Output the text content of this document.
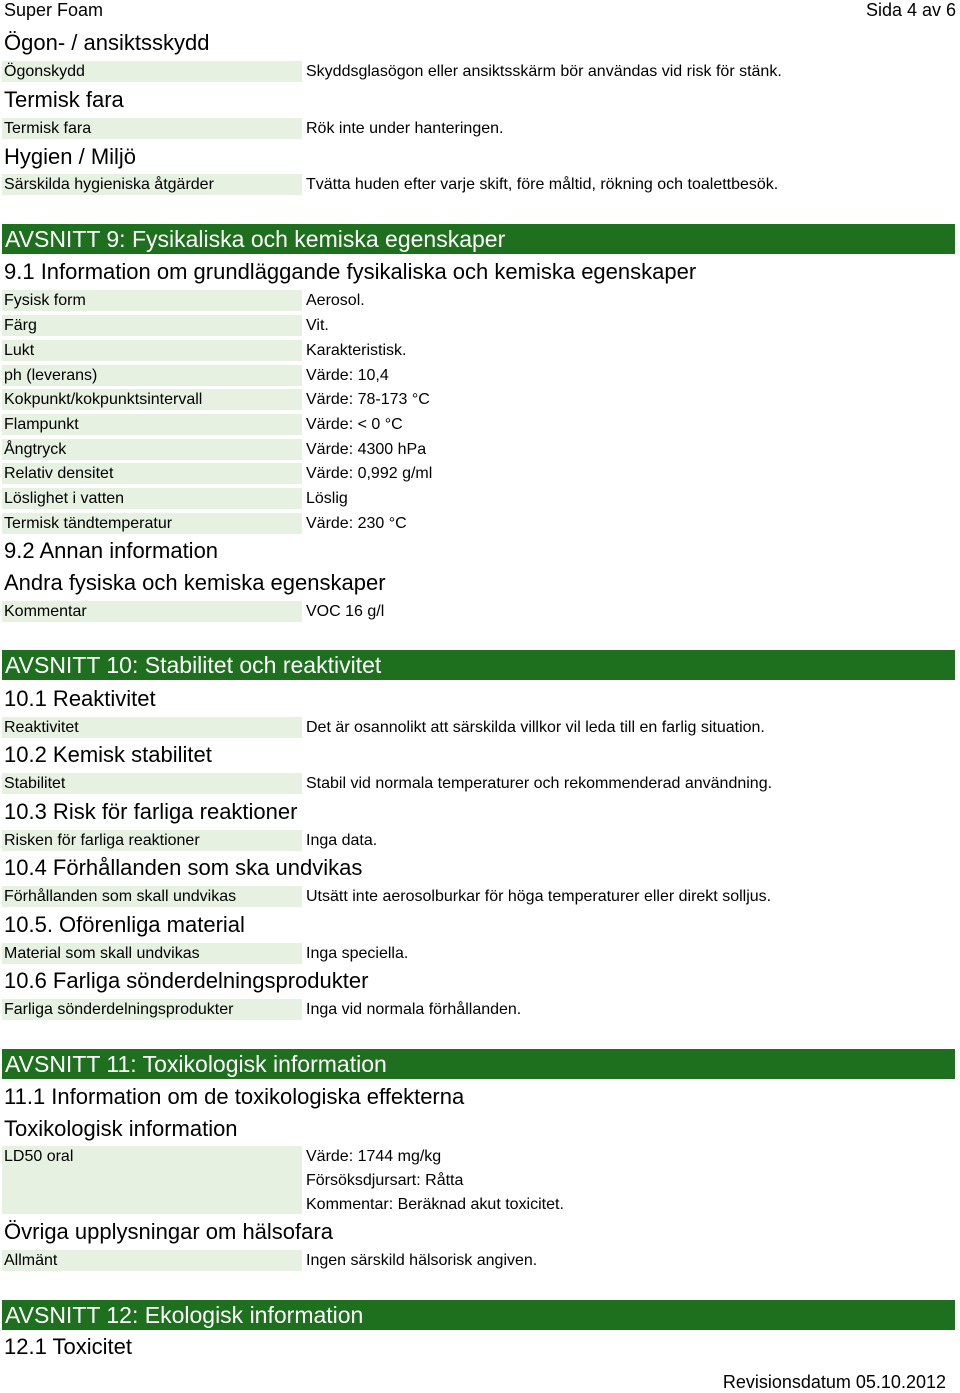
Super Foam	Sida 4 av 6
Ögon- / ansiktsskydd
Ögonskydd	Skyddsglasögon eller ansiktsskärm bör användas vid risk för stänk.
Termisk fara
Termisk fara	Rök inte under hanteringen.
Hygien / Miljö
Särskilda hygieniska åtgärder	Tvätta huden efter varje skift, före måltid, rökning och toalettbesök.
AVSNITT 9: Fysikaliska och kemiska egenskaper
9.1 Information om grundläggande fysikaliska och kemiska egenskaper
Fysisk form	Aerosol.
Färg	Vit.
Lukt	Karakteristisk.
ph (leverans)	Värde: 10,4
Kokpunkt/kokpunktsintervall	Värde: 78-173 °C
Flampunkt	Värde: < 0 °C
Ångtryck	Värde: 4300 hPa
Relativ densitet	Värde: 0,992 g/ml
Löslighet i vatten	Löslig
Termisk tändtemperatur	Värde: 230 °C
9.2 Annan information
Andra fysiska och kemiska egenskaper
Kommentar	VOC 16 g/l
AVSNITT 10: Stabilitet och reaktivitet
10.1 Reaktivitet
Reaktivitet	Det är osannolikt att särskilda villkor vil leda till en farlig situation.
10.2 Kemisk stabilitet
Stabilitet	Stabil vid normala temperaturer och rekommenderad användning.
10.3 Risk för farliga reaktioner
Risken för farliga reaktioner	Inga data.
10.4 Förhållanden som ska undvikas
Förhållanden som skall undvikas	Utsätt inte aerosolburkar för höga temperaturer eller direkt solljus.
10.5. Oförenliga material
Material som skall undvikas	Inga speciella.
10.6 Farliga sönderdelningsprodukter
Farliga sönderdelningsprodukter	Inga vid normala förhållanden.
AVSNITT 11: Toxikologisk information
11.1 Information om de toxikologiska effekterna
Toxikologisk information
LD50 oral	Värde: 1744 mg/kg
Försöksdjursart: Råtta
Kommentar: Beräknad akut toxicitet.
Övriga upplysningar om hälsofara
Allmänt	Ingen särskild hälsorisk angiven.
AVSNITT 12: Ekologisk information
12.1 Toxicitet
Revisionsdatum 05.10.2012
